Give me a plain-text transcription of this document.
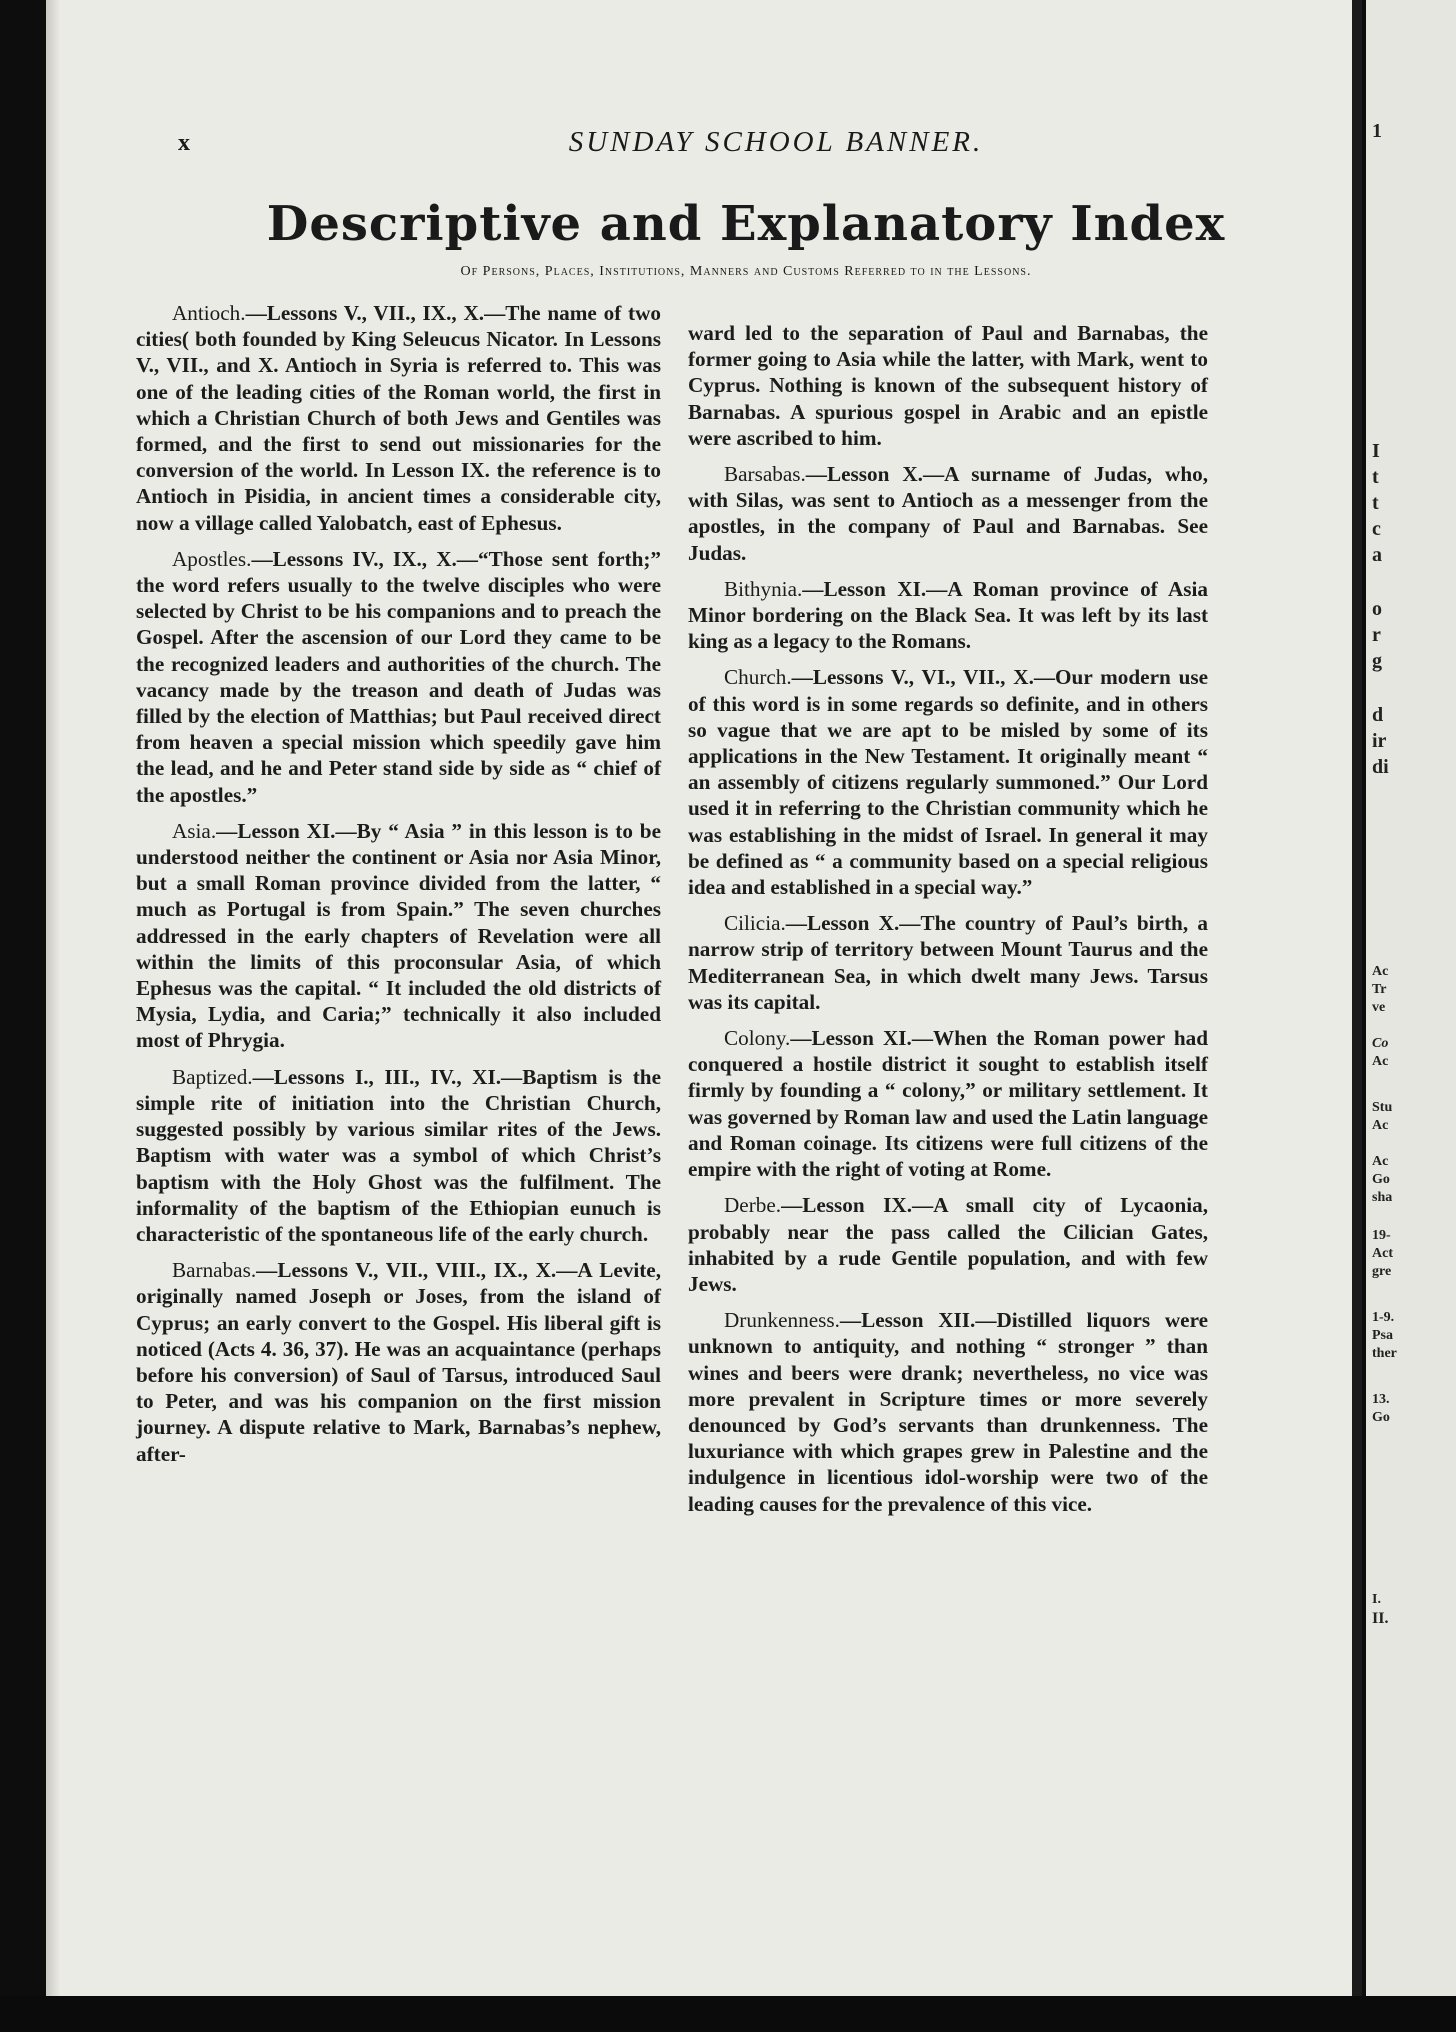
x	SUNDAY SCHOOL BANNER.
Descriptive and Explanatory Index
Of Persons, Places, Institutions, Manners and Customs Referred to in the Lessons.

Antioch.—Lessons V., VII., IX., X.—The name of two cities( both founded by King Seleucus Nicator. In Lessons V., VII., and X. Antioch in Syria is referred to. This was one of the leading cities of the Roman world, the first in which a Christian Church of both Jews and Gentiles was formed, and the first to send out missionaries for the conversion of the world. In Lesson IX. the reference is to Antioch in Pisidia, in ancient times a considerable city, now a village called Yalobatch, east of Ephesus.

Apostles.—Lessons IV., IX., X.—“Those sent forth;” the word refers usually to the twelve disciples who were selected by Christ to be his companions and to preach the Gospel. After the ascension of our Lord they came to be the recognized leaders and authorities of the church. The vacancy made by the treason and death of Judas was filled by the election of Matthias; but Paul received direct from heaven a special mission which speedily gave him the lead, and he and Peter stand side by side as “ chief of the apostles.”

Asia.—Lesson XI.—By “ Asia ” in this lesson is to be understood neither the continent or Asia nor Asia Minor, but a small Roman province divided from the latter, “ much as Portugal is from Spain.” The seven churches addressed in the early chapters of Revelation were all within the limits of this proconsular Asia, of which Ephesus was the capital. “ It included the old districts of Mysia, Lydia, and Caria;” technically it also included most of Phrygia.

Baptized.—Lessons I., III., IV., XI.—Baptism is the simple rite of initiation into the Christian Church, suggested possibly by various similar rites of the Jews. Baptism with water was a symbol of which Christ’s baptism with the Holy Ghost was the fulfilment. The informality of the baptism of the Ethiopian eunuch is characteristic of the spontaneous life of the early church.

Barnabas.—Lessons V., VII., VIII., IX., X.—A Levite, originally named Joseph or Joses, from the island of Cyprus; an early convert to the Gospel. His liberal gift is noticed (Acts 4. 36, 37). He was an acquaintance (perhaps before his conversion) of Saul of Tarsus, introduced Saul to Peter, and was his companion on the first mission journey. A dispute relative to Mark, Barnabas’s nephew, after-

ward led to the separation of Paul and Barnabas, the former going to Asia while the latter, with Mark, went to Cyprus. Nothing is known of the subsequent history of Barnabas. A spurious gospel in Arabic and an epistle were ascribed to him.

Barsabas.—Lesson X.—A surname of Judas, who, with Silas, was sent to Antioch as a messenger from the apostles, in the company of Paul and Barnabas. See Judas.

Bithynia.—Lesson XI.—A Roman province of Asia Minor bordering on the Black Sea. It was left by its last king as a legacy to the Romans.

Church.—Lessons V., VI., VII., X.—Our modern use of this word is in some regards so definite, and in others so vague that we are apt to be misled by some of its applications in the New Testament. It originally meant “ an assembly of citizens regularly summoned.” Our Lord used it in referring to the Christian community which he was establishing in the midst of Israel. In general it may be defined as “ a community based on a special religious idea and established in a special way.”

Cilicia.—Lesson X.—The country of Paul’s birth, a narrow strip of territory between Mount Taurus and the Mediterranean Sea, in which dwelt many Jews. Tarsus was its capital.

Colony.—Lesson XI.—When the Roman power had conquered a hostile district it sought to establish itself firmly by founding a “ colony,” or military settlement. It was governed by Roman law and used the Latin language and Roman coinage. Its citizens were full citizens of the empire with the right of voting at Rome.

Derbe.—Lesson IX.—A small city of Lycaonia, probably near the pass called the Cilician Gates, inhabited by a rude Gentile population, and with few Jews.

Drunkenness.—Lesson XII.—Distilled liquors were unknown to antiquity, and nothing “ stronger ” than wines and beers were drank; nevertheless, no vice was more prevalent in Scripture times or more severely denounced by God’s servants than drunkenness. The luxuriance with which grapes grew in Palestine and the indulgence in licentious idol-worship were two of the leading causes for the prevalence of this vice.

1
I
t
t
c
a
o
r
g
d
ir
di
Ac
Tr
ve
Co
Ac
Stu
Ac
Ac
Go
sha
19-
Act
gre
1-9.
Psa
ther
13.
Go
I.
II.
